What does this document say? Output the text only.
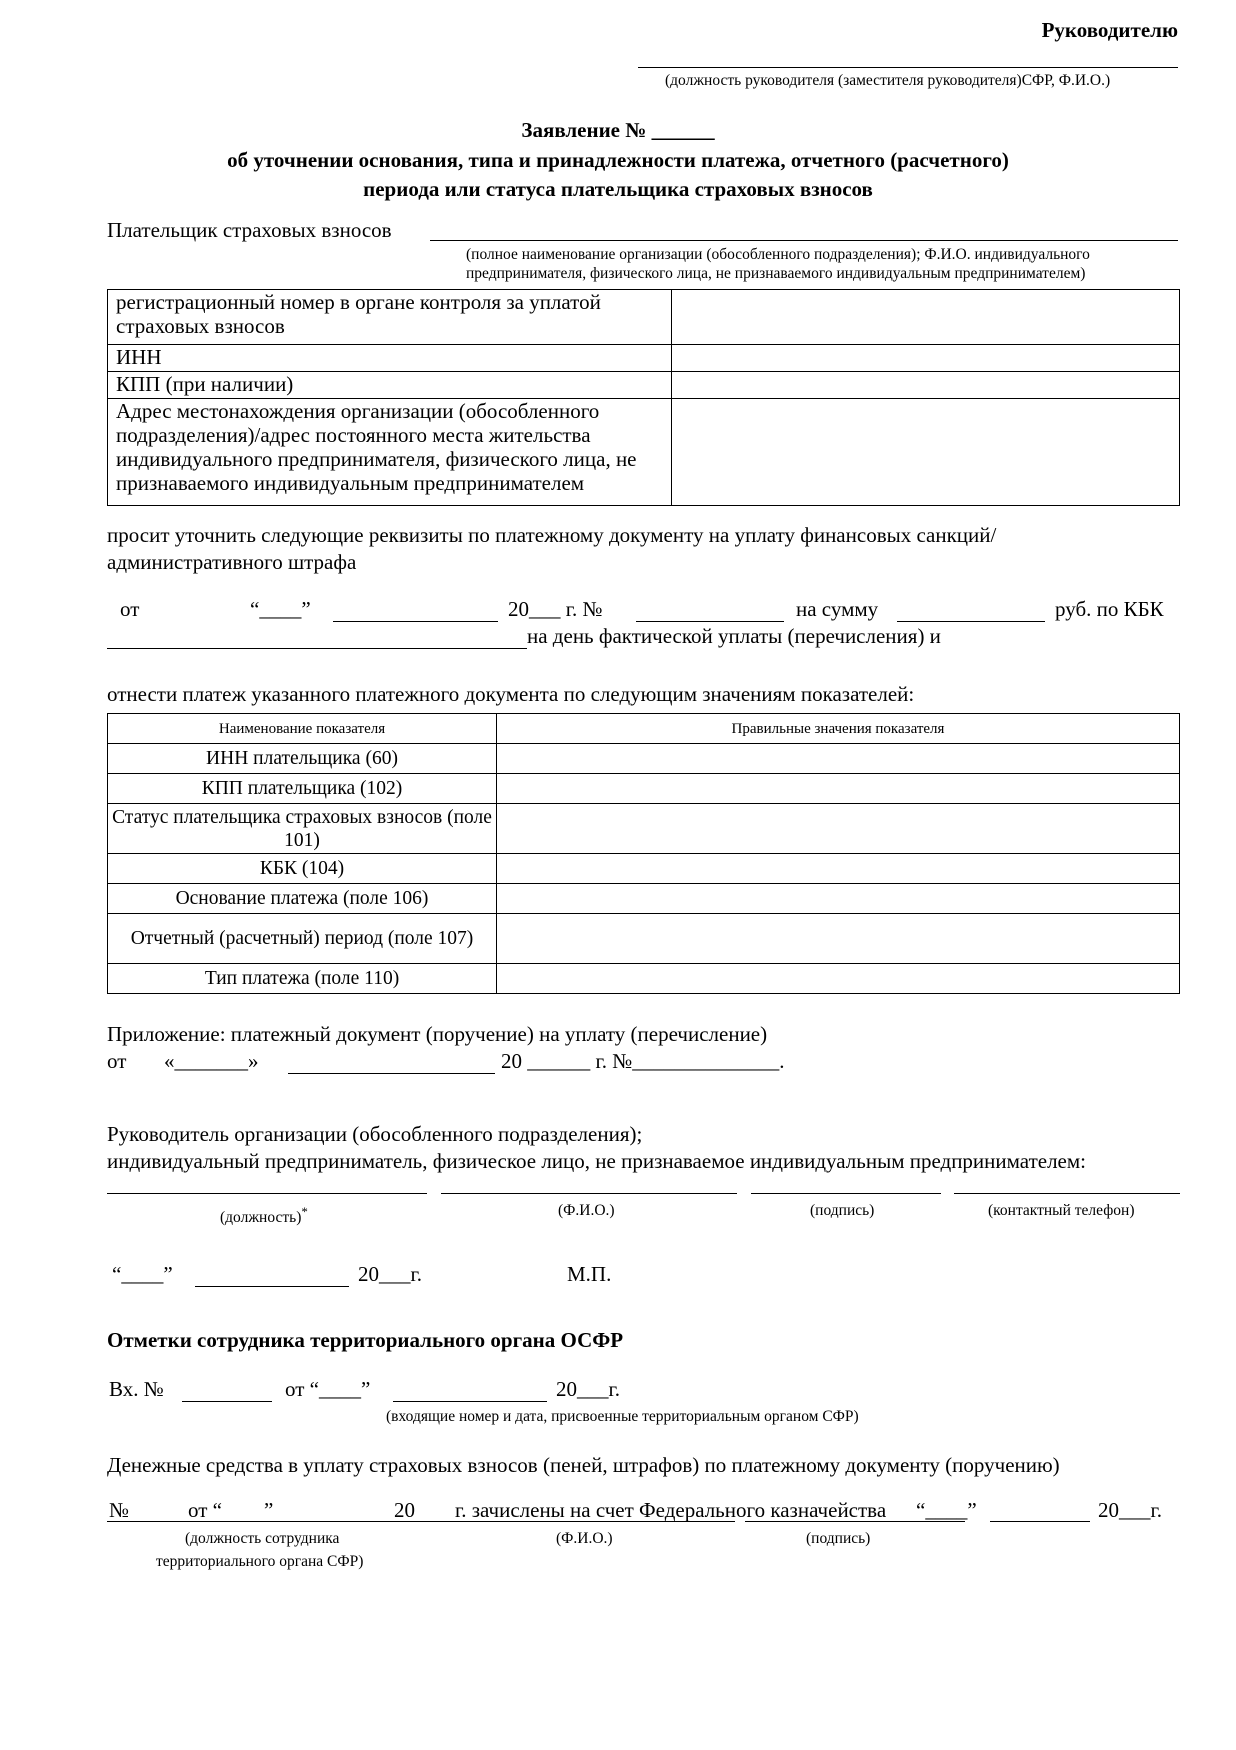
Руководителю
(должность руководителя (заместителя руководителя)СФР, Ф.И.О.)
Заявление № ______
об уточнении основания, типа и принадлежности платежа, отчетного (расчетного)
периода или статуса плательщика страховых взносов
Плательщик страховых взносов
(полное наименование организации (обособленного подразделения); Ф.И.О. индивидуального
предпринимателя, физического лица, не признаваемого индивидуальным предпринимателем)
регистрационный номер в органе контроля за уплатой страховых взносов	
ИНН	
КПП (при наличии)	
Адрес местонахождения организации (обособленного подразделения)/адрес постоянного места жительства индивидуального предпринимателя, физического лица, не признаваемого индивидуальным предпринимателем	
просит уточнить следующие реквизиты по платежному документу на уплату финансовых санкций/
административного штрафа
от	“____”	20___ г. №	на сумму	руб. по КБК
на день фактической уплаты (перечисления) и
отнести платеж указанного платежного документа по следующим значениям показателей:
Наименование показателя	Правильные значения показателя
ИНН плательщика (60)	
КПП плательщика (102)	
Статус плательщика страховых взносов (поле 101)	
КБК (104)	
Основание платежа (поле 106)	
Отчетный (расчетный) период (поле 107)	
Тип платежа (поле 110)	
Приложение: платежный документ (поручение) на уплату (перечисление)
от «_______»	20 ______ г. №______________.
Руководитель организации (обособленного подразделения);
индивидуальный предприниматель, физическое лицо, не признаваемое индивидуальным предпринимателем:
(должность)*	(Ф.И.О.)	(подпись)	(контактный телефон)
“____”	20___г.	М.П.
Отметки сотрудника территориального органа ОСФР
Вх. №	от “____”	20___г.
(входящие номер и дата, присвоенные территориальным органом СФР)
Денежные средства в уплату страховых взносов (пеней, штрафов) по платежному документу (поручению)
№	от “ ”	20 г. зачислены на счет Федерального казначейства “____”	20___г.
(должность сотрудника
территориального органа СФР)
(Ф.И.О.)	(подпись)
